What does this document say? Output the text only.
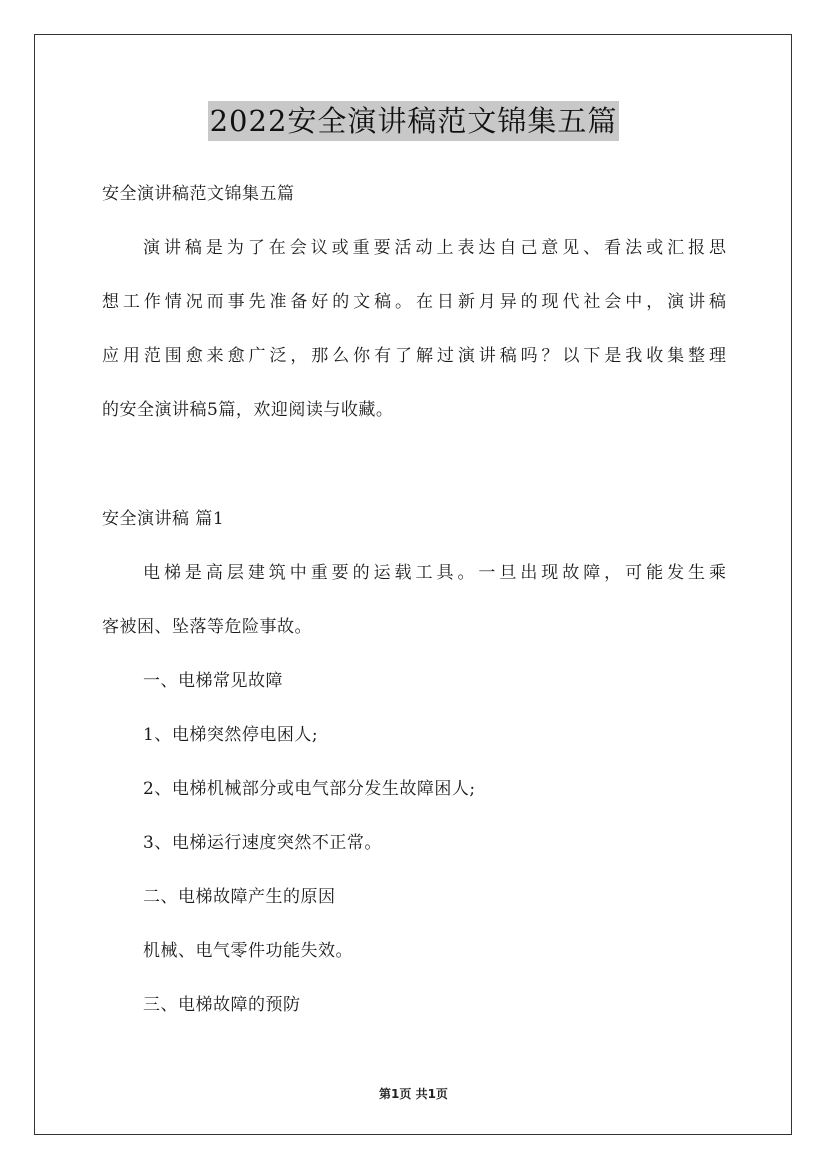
2022安全演讲稿范文锦集五篇
安全演讲稿范文锦集五篇
演讲稿是为了在会议或重要活动上表达自己意见、看法或汇报思
想工作情况而事先准备好的文稿。在日新月异的现代社会中，演讲稿
应用范围愈来愈广泛，那么你有了解过演讲稿吗？以下是我收集整理
的安全演讲稿5篇，欢迎阅读与收藏。
安全演讲稿 篇1
电梯是高层建筑中重要的运载工具。一旦出现故障，可能发生乘
客被困、坠落等危险事故。
一、电梯常见故障
1、电梯突然停电困人;
2、电梯机械部分或电气部分发生故障困人;
3、电梯运行速度突然不正常。
二、电梯故障产生的原因
机械、电气零件功能失效。
三、电梯故障的预防
第1页 共1页
